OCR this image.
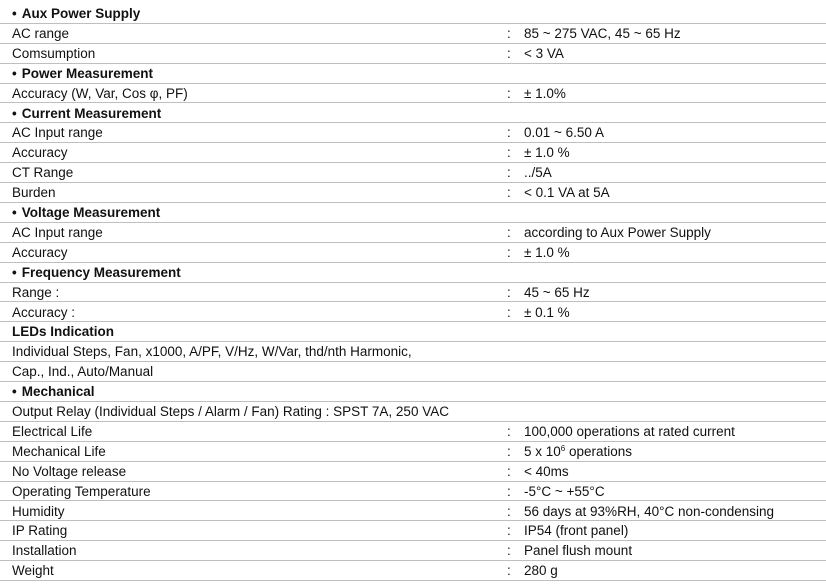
• Aux Power Supply
AC range	: 85 ~ 275 VAC, 45 ~ 65 Hz
Comsumption	: < 3 VA
• Power Measurement
Accuracy (W, Var, Cos φ, PF)	: ± 1.0%
• Current Measurement
AC Input range	: 0.01 ~ 6.50 A
Accuracy	: ± 1.0 %
CT Range	: ../5A
Burden	: < 0.1 VA at 5A
• Voltage Measurement
AC Input range	: according to Aux Power Supply
Accuracy	: ± 1.0 %
• Frequency Measurement
Range :	: 45 ~ 65 Hz
Accuracy :	: ± 0.1 %
LEDs Indication
Individual Steps, Fan, x1000, A/PF, V/Hz, W/Var, thd/nth Harmonic,
Cap., Ind., Auto/Manual
• Mechanical
Output Relay (Individual Steps / Alarm / Fan) Rating : SPST 7A, 250 VAC
Electrical Life	: 100,000 operations at rated current
Mechanical Life	: 5 x $10^6$ operations
No Voltage release	: < 40ms
Operating Temperature	: -5°C ~ +55°C
Humidity	: 56 days at 93%RH, 40°C non-condensing
IP Rating	: IP54 (front panel)
Installation	: Panel flush mount
Weight	: 280 g
